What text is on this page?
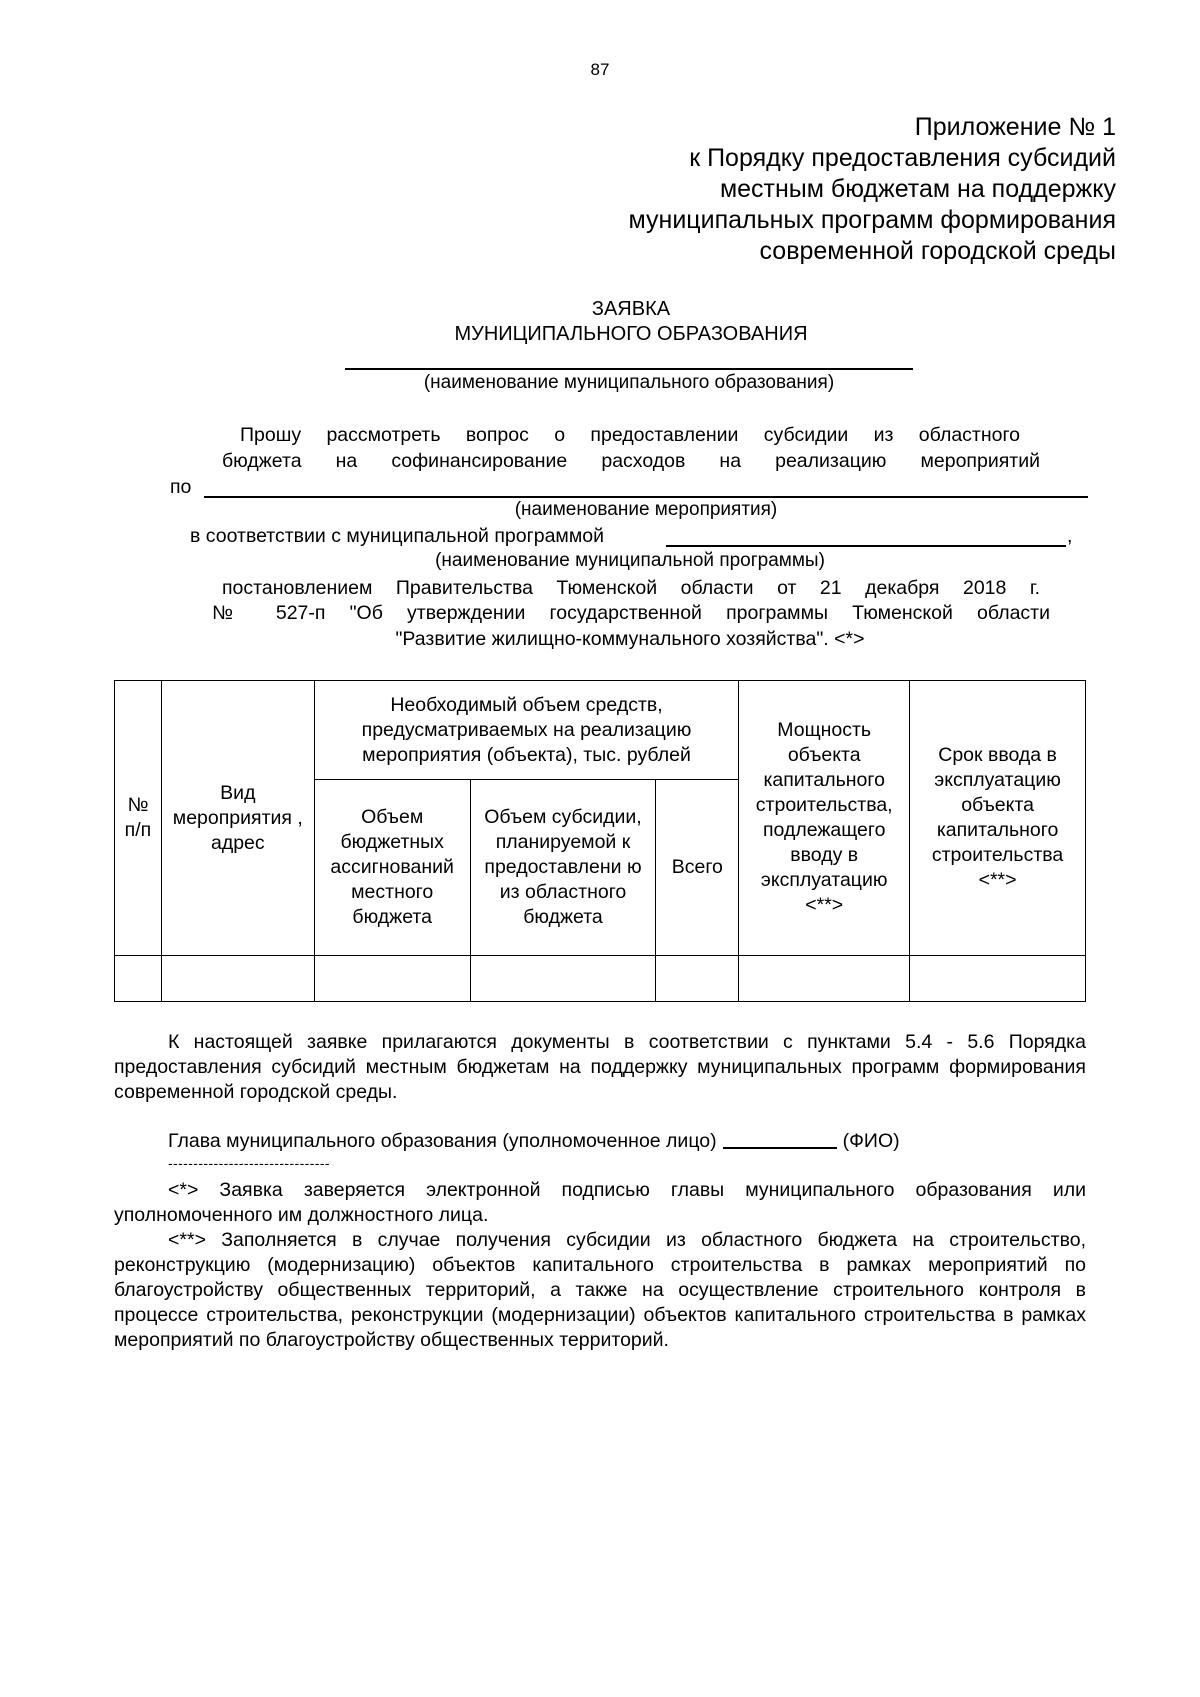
87
Приложение № 1
к Порядку предоставления субсидий
местным бюджетам на поддержку
муниципальных программ формирования
современной городской среды
ЗАЯВКА
МУНИЦИПАЛЬНОГО ОБРАЗОВАНИЯ
(наименование муниципального образования)
Прошу рассмотреть вопрос о предоставлении субсидии из областного
бюджета на софинансирование расходов на реализацию мероприятий
по
(наименование мероприятия)
в соответствии с муниципальной программой	,
(наименование муниципальной программы)
постановлением Правительства Тюменской области от 21 декабря 2018 г.
№ 527-п "Об утверждении государственной программы Тюменской области
"Развитие жилищно-коммунального хозяйства". <*>
№ п/п	Вид мероприятия , адрес	Необходимый объем средств, предусматриваемых на реализацию мероприятия (объекта), тыс. рублей			Мощность объекта капитального строительства, подлежащего вводу в эксплуатацию <**>	Срок ввода в эксплуатацию объекта капитального строительства <**>
		Объем бюджетных ассигнований местного бюджета	Объем субсидии, планируемой к предоставлени ю из областного бюджета	Всего		

К настоящей заявке прилагаются документы в соответствии с пунктами 5.4 - 5.6 Порядка предоставления субсидий местным бюджетам на поддержку муниципальных программ формирования современной городской среды.

Глава муниципального образования (уполномоченное лицо)	(ФИО)
--------------------------------

<*> Заявка заверяется электронной подписью главы муниципального образования или уполномоченного им должностного лица.

<**> Заполняется в случае получения субсидии из областного бюджета на строительство, реконструкцию (модернизацию) объектов капитального строительства в рамках мероприятий по благоустройству общественных территорий, а также на осуществление строительного контроля в процессе строительства, реконструкции (модернизации) объектов капитального строительства в рамках мероприятий по благоустройству общественных территорий.
